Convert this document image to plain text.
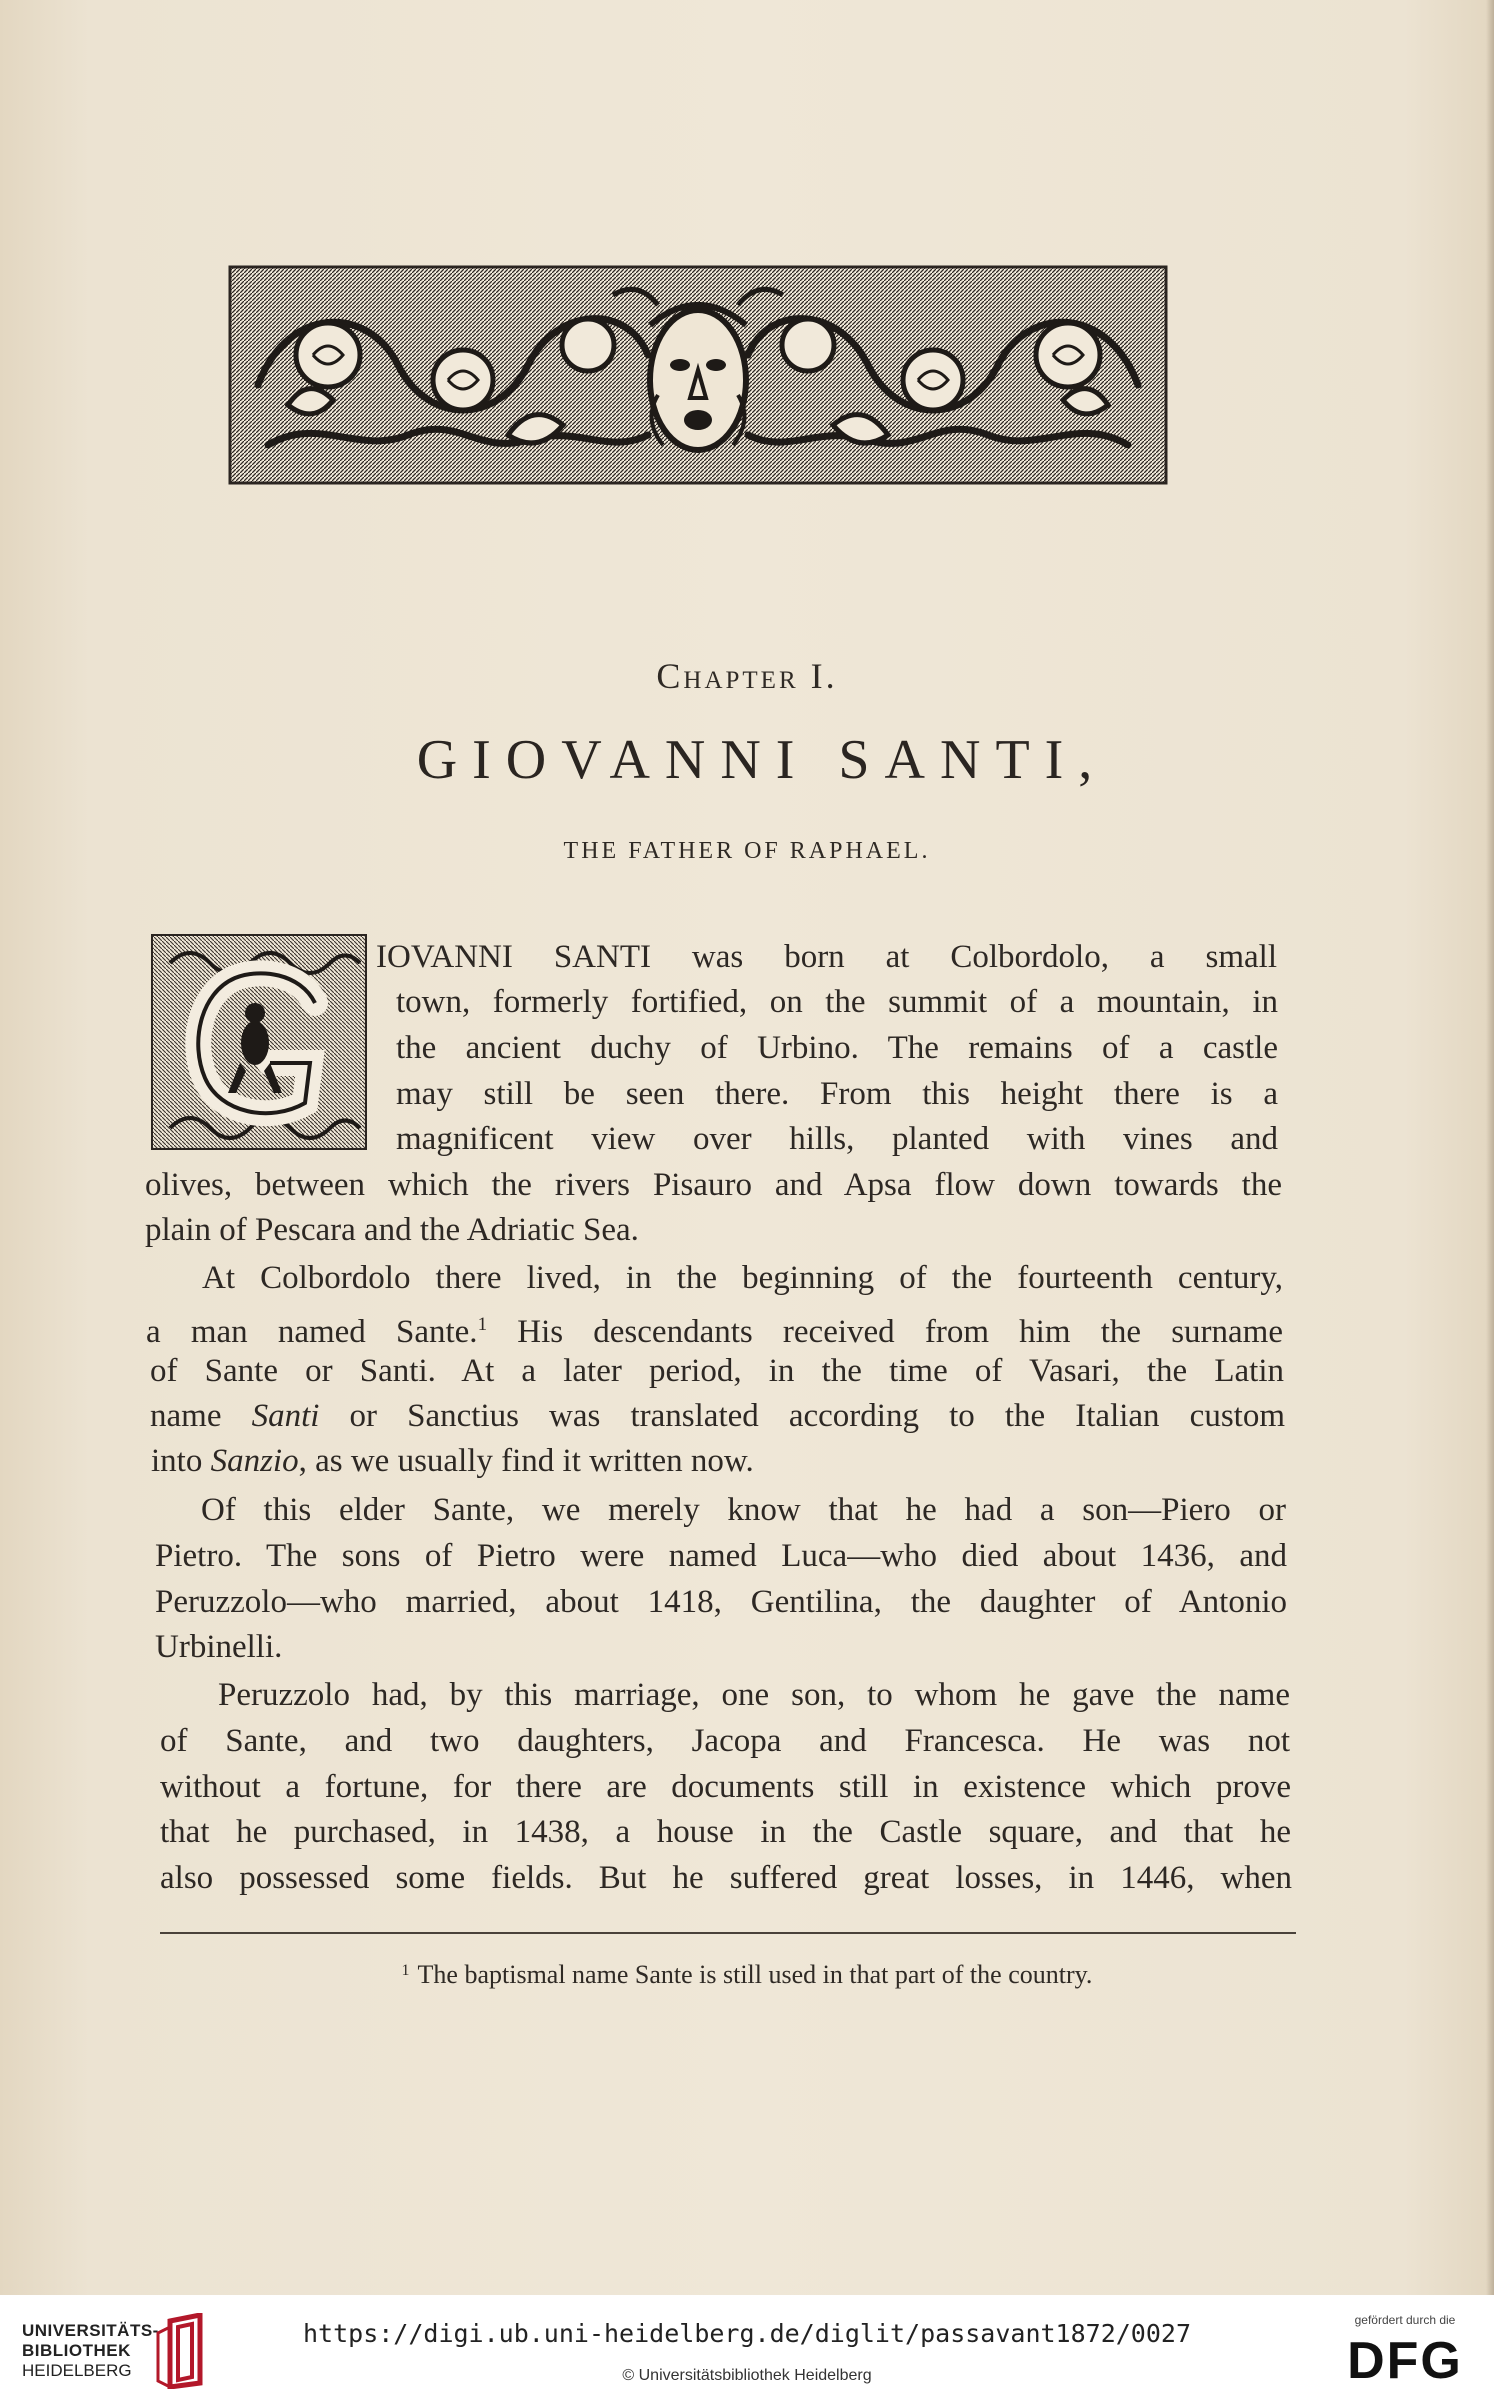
Chapter I.
GIOVANNI SANTI,
THE FATHER OF RAPHAEL.
IOVANNI SANTI was born at Colbordolo, a small
town, formerly fortified, on the summit of a mountain, in
the ancient duchy of Urbino. The remains of a castle
may still be seen there. From this height there is a
magnificent view over hills, planted with vines and
olives, between which the rivers Pisauro and Apsa flow down towards the
plain of Pescara and the Adriatic Sea.
At Colbordolo there lived, in the beginning of the fourteenth century,
a man named Sante.$^1$ His descendants received from him the surname
of Sante or Santi. At a later period, in the time of Vasari, the Latin
name Santi or Sanctius was translated according to the Italian custom
into Sanzio, as we usually find it written now.
Of this elder Sante, we merely know that he had a son—Piero or
Pietro. The sons of Pietro were named Luca—who died about 1436, and
Peruzzolo—who married, about 1418, Gentilina, the daughter of Antonio
Urbinelli.
Peruzzolo had, by this marriage, one son, to whom he gave the name
of Sante, and two daughters, Jacopa and Francesca. He was not
without a fortune, for there are documents still in existence which prove
that he purchased, in 1438, a house in the Castle square, and that he
also possessed some fields. But he suffered great losses, in 1446, when
$^1$ The baptismal name Sante is still used in that part of the country.
UNIVERSITÄTS-
BIBLIOTHEK
HEIDELBERG
https://digi.ub.uni-heidelberg.de/diglit/passavant1872/0027
© Universitätsbibliothek Heidelberg
gefördert durch die
DFG
